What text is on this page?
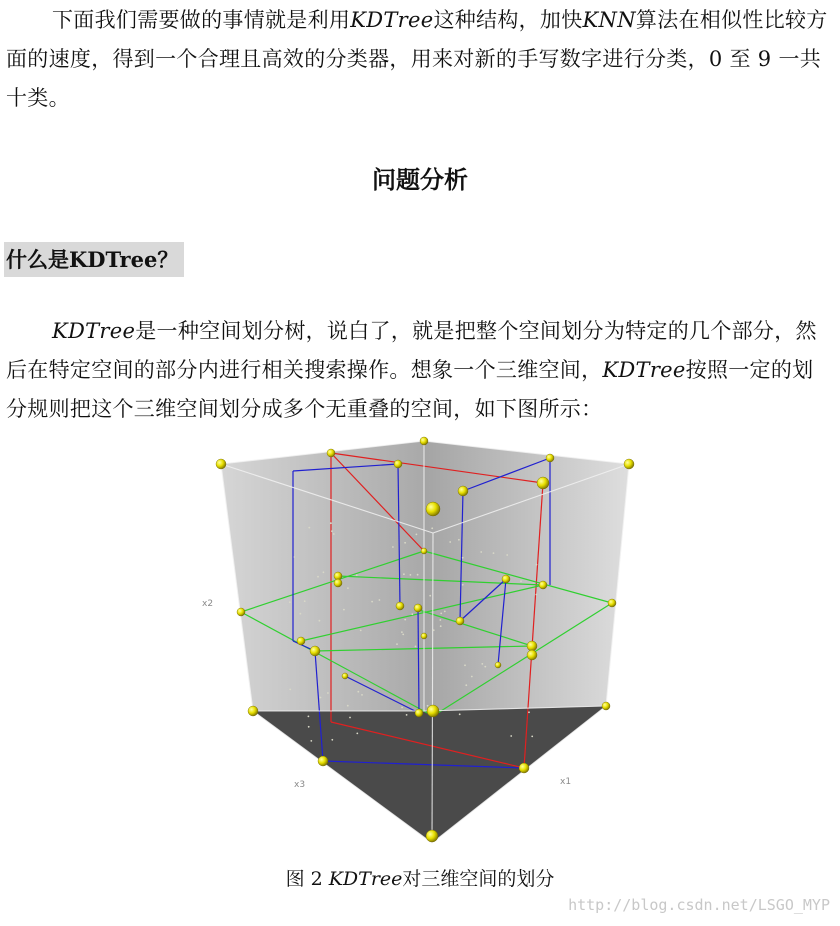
下面我们需要做的事情就是利用KDTree这种结构，加快KNN算法在相似性比较方面的速度，得到一个合理且高效的分类器，用来对新的手写数字进行分类，0 至 9 一共十类。
问题分析
什么是KDTree？
KDTree是一种空间划分树，说白了，就是把整个空间划分为特定的几个部分，然后在特定空间的部分内进行相关搜索操作。想象一个三维空间，KDTree按照一定的划分规则把这个三维空间划分成多个无重叠的空间，如下图所示：
x2
x3	x1
图 2 KDTree对三维空间的划分
http://blog.csdn.net/LSGO_MYP
